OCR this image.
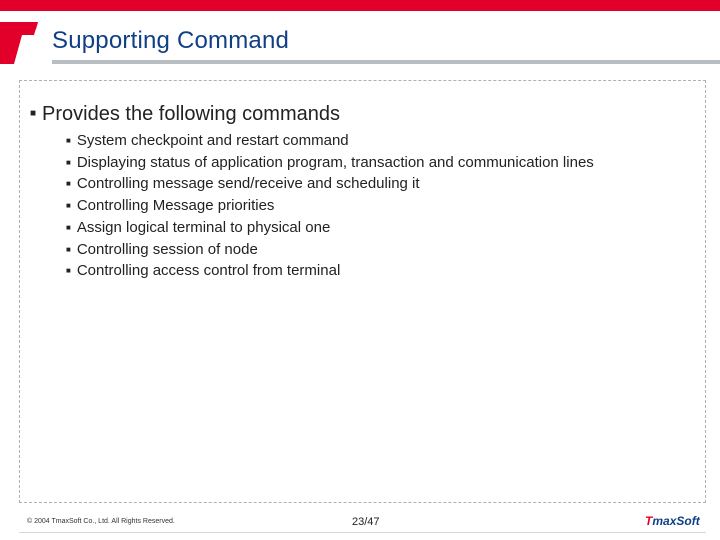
Supporting Command
■ Provides the following commands
■ System checkpoint and restart command
■ Displaying status of application program, transaction and communication lines
■ Controlling message send/receive and scheduling it
■ Controlling Message priorities
■ Assign logical terminal to physical one
■ Controlling session of node
■ Controlling access control from terminal
© 2004 TmaxSoft Co., Ltd. All Rights Reserved.	23/47	TmaxSoft
